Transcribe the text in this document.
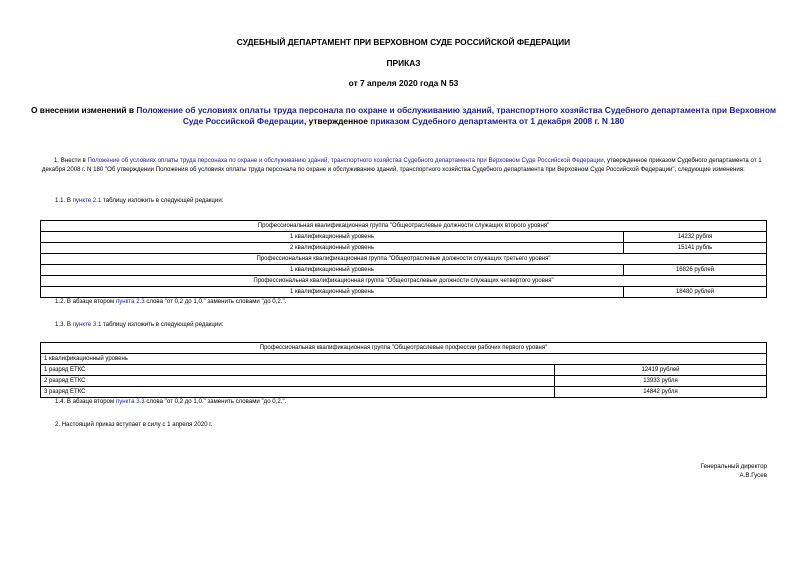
СУДЕБНЫЙ ДЕПАРТАМЕНТ ПРИ ВЕРХОВНОМ СУДЕ РОССИЙСКОЙ ФЕДЕРАЦИИ
ПРИКАЗ
от 7 апреля 2020 года N 53
О внесении изменений в Положение об условиях оплаты труда персонала по охране и обслуживанию зданий, транспортного хозяйства Судебного департамента при Верховном Суде Российской Федерации, утвержденное приказом Судебного департамента от 1 декабря 2008 г. N 180
1. Внести в Положение об условиях оплаты труда персонаха по охране и обслуживанию зданий, транспортного хозяйства Судебного департамента при Верховном Суде Российской Федерации, утвержденное приказом Судебного департамента от 1 декабря 2008 г. N 180 "Об утверждении Положения об условиях оплаты труда персонала по охране и обслуживанию зданий, транспортного хозяйства Судебного департамента при Верховном Суде Российской Федерации", следующие изменения:
1.1. В пункте 2.1 таблицу изложить в следующей редакции:
Профессиональная квалификационная группа "Общеотраслевые должности служащих второго уровня"	
1 квалификационный уровень	14232 рубля
2 квалификационный уровень	15141 рубль
Профессиональная квалификационная группа "Общеотраслевые должности служащих третьего уровня"	
1 квалификационный уровень	16826 рублей
Профессиональная квалификационная группа "Общеотраслевые должности служащих четвертого уровня"	
1 квалификационный уровень	18480 рублей
1.2. В абзаце втором пункта 2.3 слова "от 0,2 до 1,0." заменить словами "до 0,2.".
1.3. В пункте 3.1 таблицу изложить в следующей редакции:
Профессиональная квалификационная группа "Общеотраслевые профессии рабочих первого уровня"	
1 квалификационный уровень	
1 разряд ЕТКС	12419 рублей
2 разряд ЕТКС	13933 рубля
3 разряд ЕТКС	14842 рубля
1.4. В абзаце втором пункта 3.3 слова "от 0,2 до 1,0." заменить словами "до 0,2.".
2. Настоящий приказ вступает в силу с 1 апреля 2020 г.
Генеральный директор
А.В.Гусев
